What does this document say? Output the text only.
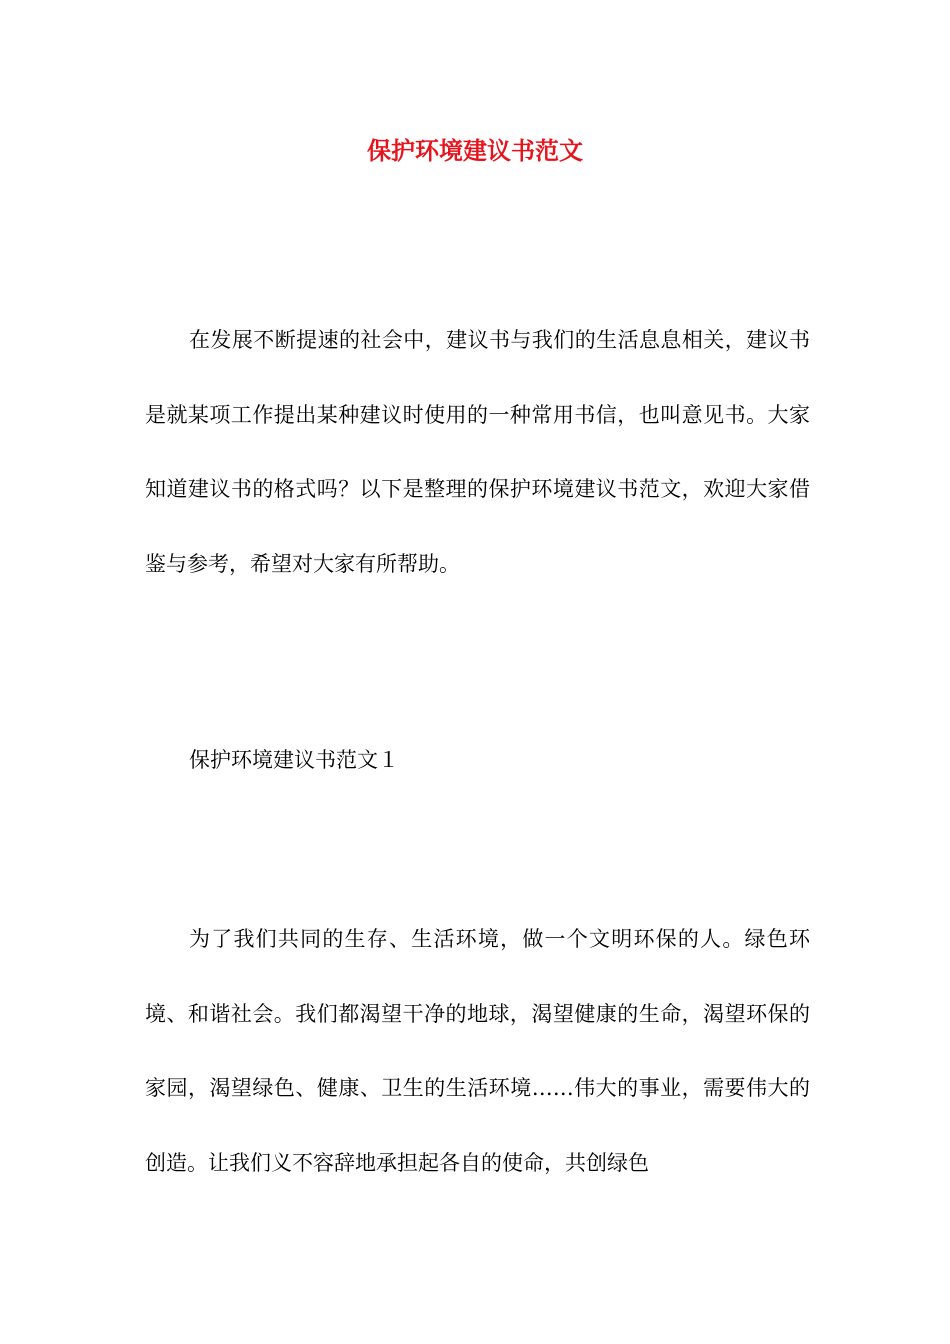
保护环境建议书范文

在发展不断提速的社会中，建议书与我们的生活息息相关，建议书是就某项工作提出某种建议时使用的一种常用书信，也叫意见书。大家知道建议书的格式吗？以下是整理的保护环境建议书范文，欢迎大家借鉴与参考，希望对大家有所帮助。

保护环境建议书范文１

为了我们共同的生存、生活环境，做一个文明环保的人。绿色环境、和谐社会。我们都渴望干净的地球，渴望健康的生命，渴望环保的家园，渴望绿色、健康、卫生的生活环境……伟大的事业，需要伟大的创造。让我们义不容辞地承担起各自的使命，共创绿色
